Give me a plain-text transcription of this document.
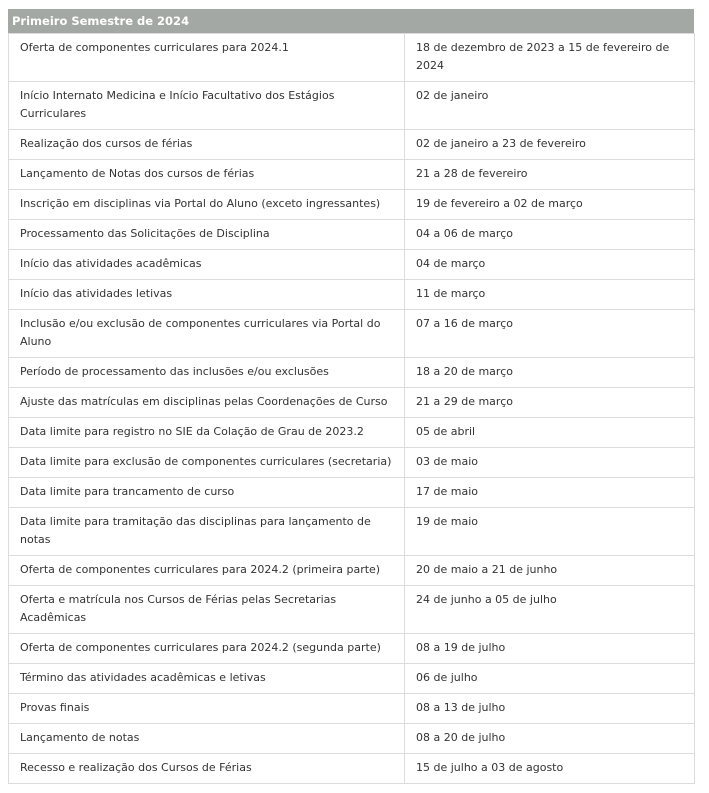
Primeiro Semestre de 2024
Oferta de componentes curriculares para 2024.1	18 de dezembro de 2023 a 15 de fevereiro de 2024
Início Internato Medicina e Início Facultativo dos Estágios Curriculares	02 de janeiro
Realização dos cursos de férias	02 de janeiro a 23 de fevereiro
Lançamento de Notas dos cursos de férias	21 a 28 de fevereiro
Inscrição em disciplinas via Portal do Aluno (exceto ingressantes)	19 de fevereiro a 02 de março
Processamento das Solicitações de Disciplina	04 a 06 de março
Início das atividades acadêmicas	04 de março
Início das atividades letivas	11 de março
Inclusão e/ou exclusão de componentes curriculares via Portal do Aluno	07 a 16 de março
Período de processamento das inclusões e/ou exclusões	18 a 20 de março
Ajuste das matrículas em disciplinas pelas Coordenações de Curso	21 a 29 de março
Data limite para registro no SIE da Colação de Grau de 2023.2	05 de abril
Data limite para exclusão de componentes curriculares (secretaria)	03 de maio
Data limite para trancamento de curso	17 de maio
Data limite para tramitação das disciplinas para lançamento de notas	19 de maio
Oferta de componentes curriculares para 2024.2 (primeira parte)	20 de maio a 21 de junho
Oferta e matrícula nos Cursos de Férias pelas Secretarias Acadêmicas	24 de junho a 05 de julho
Oferta de componentes curriculares para 2024.2 (segunda parte)	08 a 19 de julho
Término das atividades acadêmicas e letivas	06 de julho
Provas finais	08 a 13 de julho
Lançamento de notas	08 a 20 de julho
Recesso e realização dos Cursos de Férias	15 de julho a 03 de agosto
